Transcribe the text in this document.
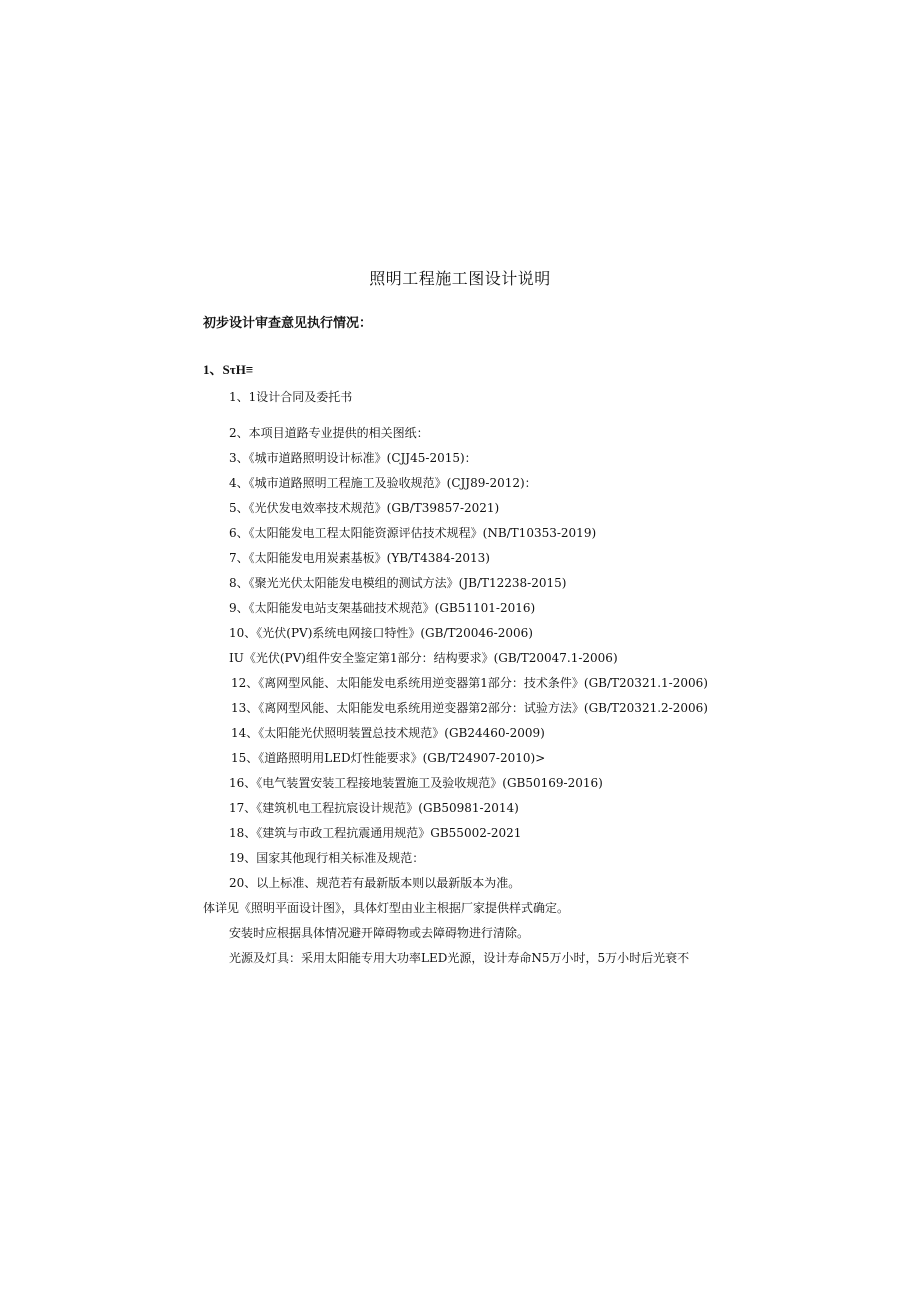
照明工程施工图设计说明
初步设计审查意见执行情况：
1、SτH≡
1、1设计合同及委托书
2、本项目道路专业提供的相关图纸：
3、《城市道路照明设计标准》(CJJ45-2015)：
4、《城市道路照明工程施工及验收规范》(CJJ89-2012)：
5、《光伏发电效率技术规范》(GB/T39857-2021)
6、《太阳能发电工程太阳能资源评估技术规程》(NB/T10353-2019)
7、《太阳能发电用炭素基板》(YB/T4384-2013)
8、《聚光光伏太阳能发电模组的测试方法》(JB/T12238-2015)
9、《太阳能发电站支架基础技术规范》(GB51101-2016)
10、《光伏(PV)系统电网接口特性》(GB/T20046-2006)
IU《光伏(PV)组件安全鉴定第1部分：结构要求》(GB/T20047.1-2006)
12、《离网型风能、太阳能发电系统用逆变器第1部分：技术条件》(GB/T20321.1-2006)
13、《离网型风能、太阳能发电系统用逆变器第2部分：试验方法》(GB/T20321.2-2006)
14、《太阳能光伏照明装置总技术规范》(GB24460-2009)
15、《道路照明用LED灯性能要求》(GB/T24907-2010)>
16、《电气装置安装工程接地装置施工及验收规范》(GB50169-2016)
17、《建筑机电工程抗宸设计规范》(GB50981-2014)
18、《建筑与市政工程抗震通用规范》GB55002-2021
19、国家其他现行相关标准及规范：
20、以上标准、规范若有最新版本则以最新版本为准。
体详见《照明平面设计图》，具体灯型由业主根据厂家提供样式确定。
安装时应根据具体情况避开障碍物或去障碍物进行清除。
光源及灯具：采用太阳能专用大功率LED光源，设计寿命N5万小时，5万小时后光衰不
